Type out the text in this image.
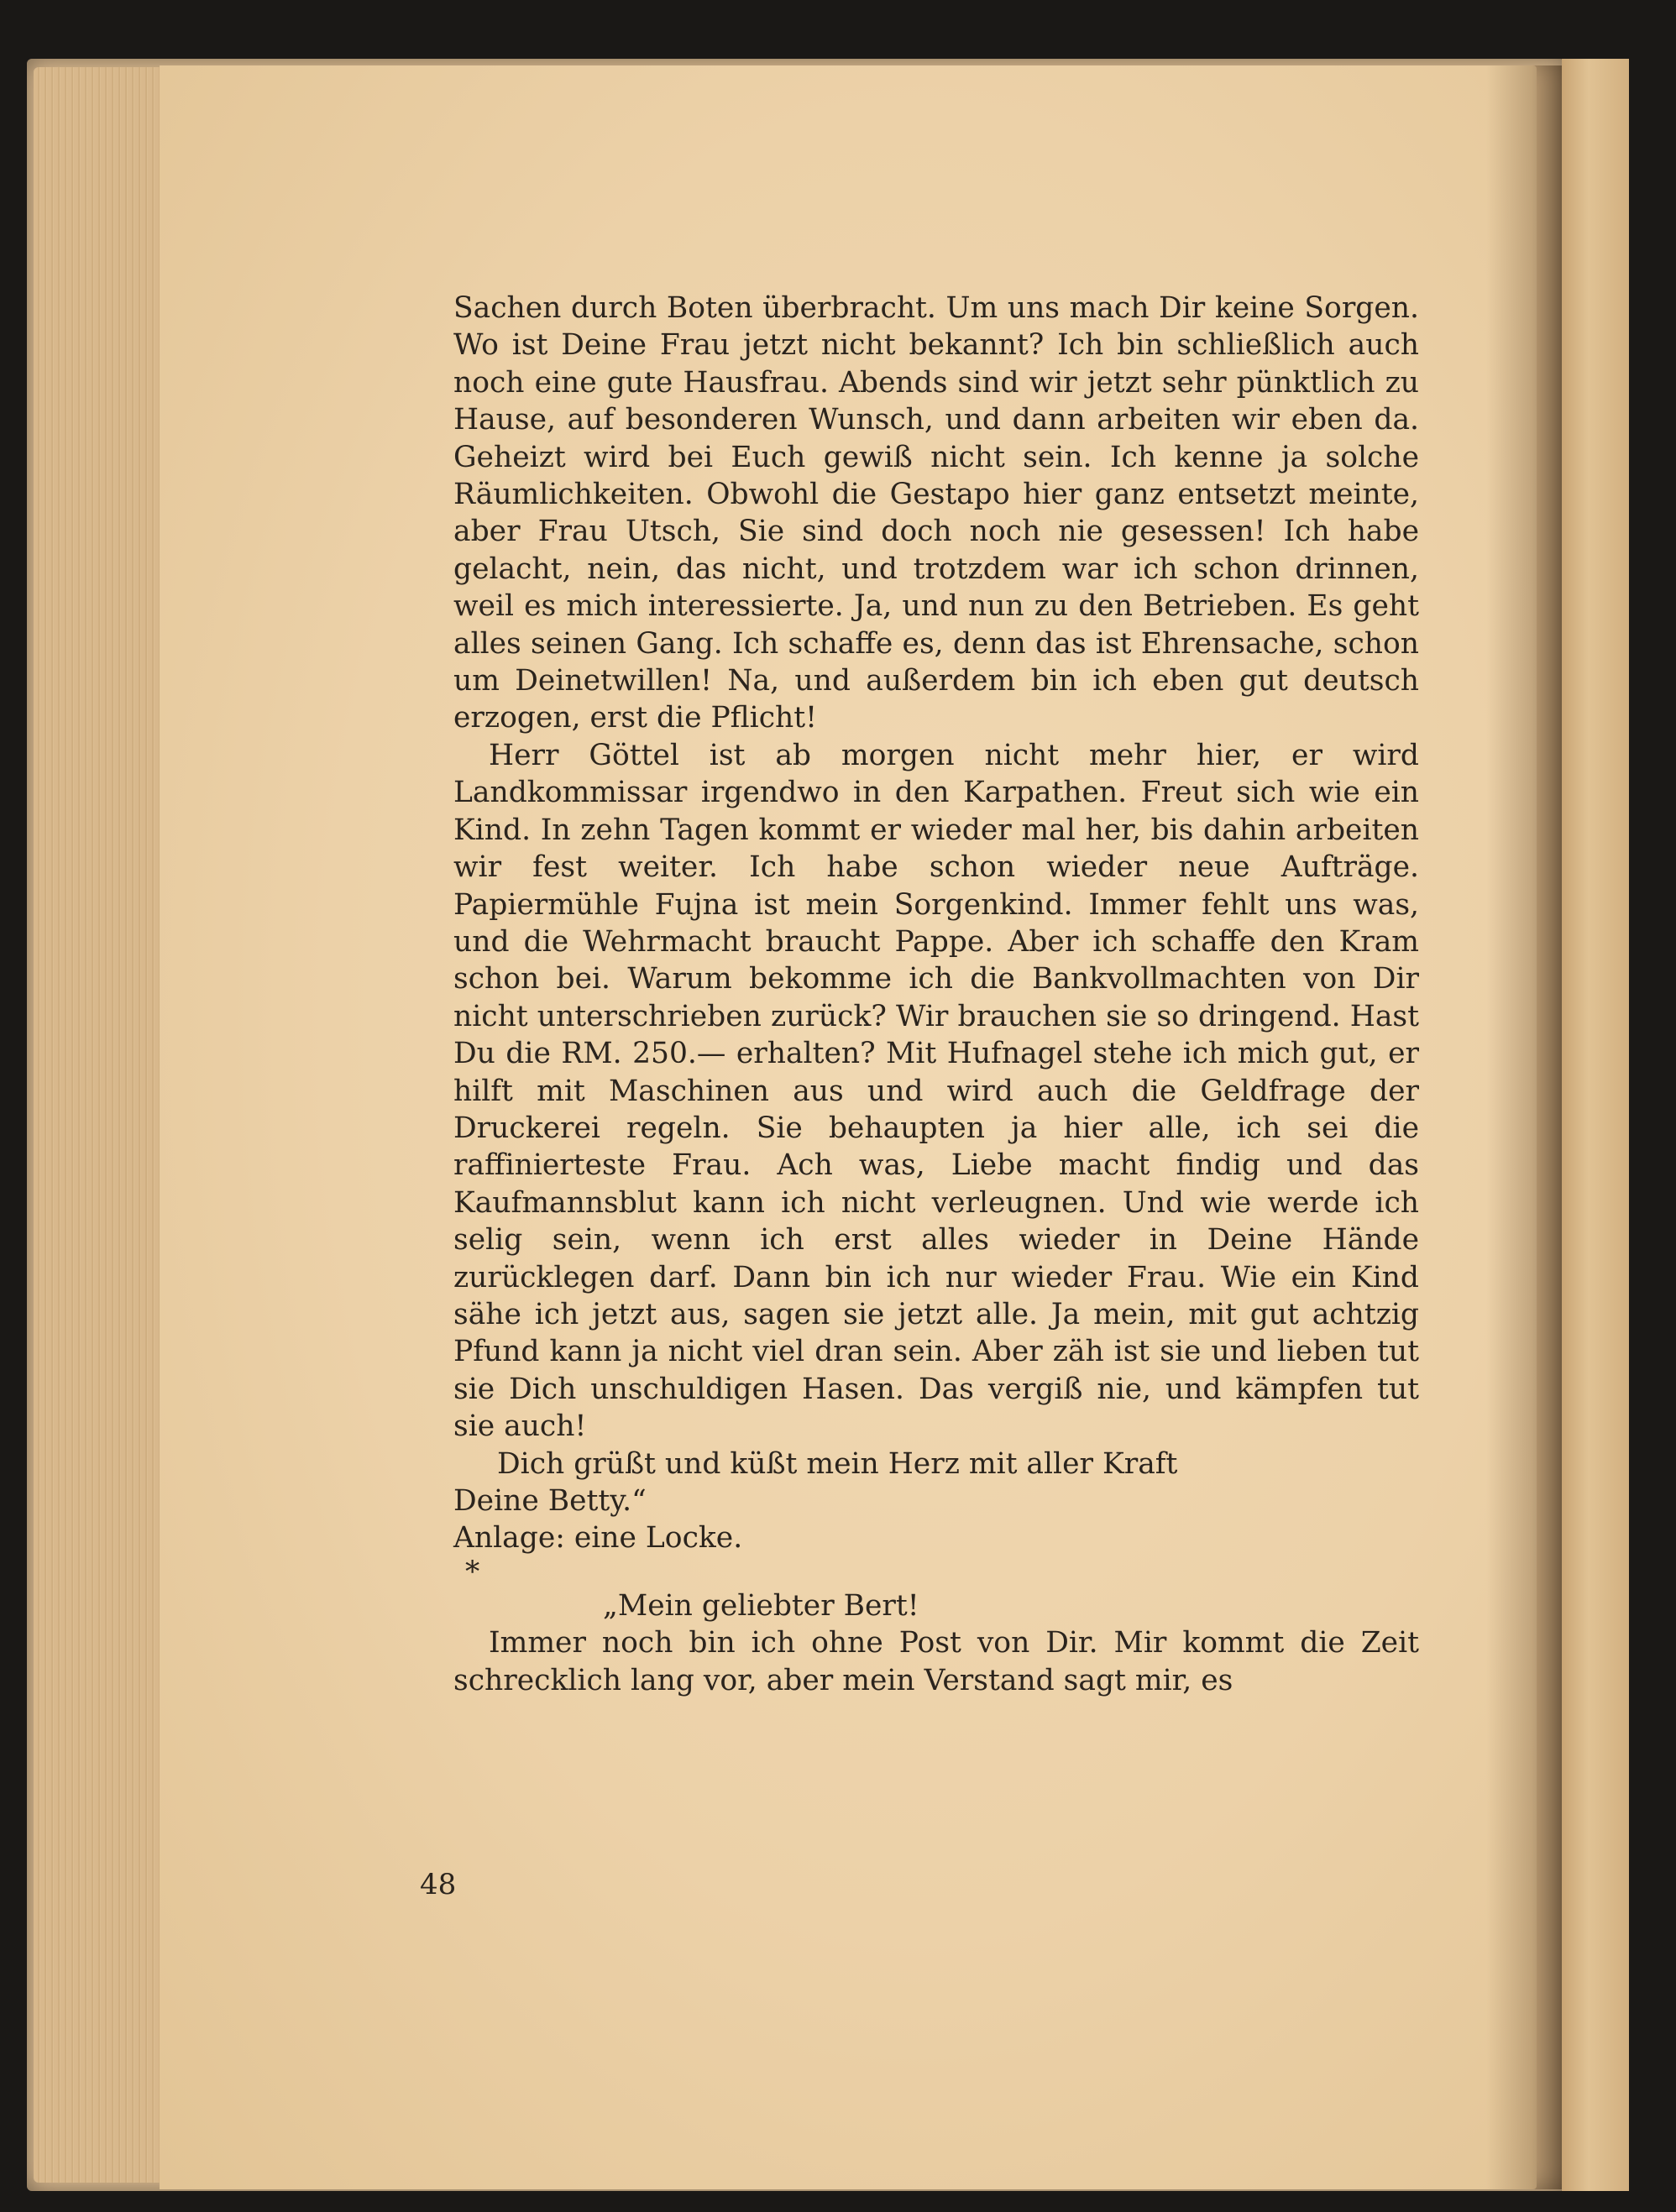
Sachen durch Boten überbracht. Um uns mach Dir keine Sorgen. Wo ist Deine Frau jetzt nicht bekannt? Ich bin schließlich auch noch eine gute Hausfrau. Abends sind wir jetzt sehr pünktlich zu Hause, auf besonderen Wunsch, und dann arbeiten wir eben da. Geheizt wird bei Euch gewiß nicht sein. Ich kenne ja solche Räumlichkeiten. Obwohl die Gestapo hier ganz entsetzt meinte, aber Frau Utsch, Sie sind doch noch nie gesessen! Ich habe gelacht, nein, das nicht, und trotzdem war ich schon drinnen, weil es mich interessierte. Ja, und nun zu den Betrieben. Es geht alles seinen Gang. Ich schaffe es, denn das ist Ehrensache, schon um Deinetwillen! Na, und außerdem bin ich eben gut deutsch erzogen, erst die Pflicht!

Herr Göttel ist ab morgen nicht mehr hier, er wird Landkommissar irgendwo in den Karpathen. Freut sich wie ein Kind. In zehn Tagen kommt er wieder mal her, bis dahin arbeiten wir fest weiter. Ich habe schon wieder neue Aufträge. Papiermühle Fujna ist mein Sorgenkind. Immer fehlt uns was, und die Wehrmacht braucht Pappe. Aber ich schaffe den Kram schon bei. Warum bekomme ich die Bankvollmachten von Dir nicht unterschrieben zurück? Wir brauchen sie so dringend. Hast Du die RM. 250.— erhalten? Mit Hufnagel stehe ich mich gut, er hilft mit Maschinen aus und wird auch die Geldfrage der Druckerei regeln. Sie behaupten ja hier alle, ich sei die raffinierteste Frau. Ach was, Liebe macht findig und das Kaufmannsblut kann ich nicht verleugnen. Und wie werde ich selig sein, wenn ich erst alles wieder in Deine Hände zurücklegen darf. Dann bin ich nur wieder Frau. Wie ein Kind sähe ich jetzt aus, sagen sie jetzt alle. Ja mein, mit gut achtzig Pfund kann ja nicht viel dran sein. Aber zäh ist sie und lieben tut sie Dich unschuldigen Hasen. Das vergiß nie, und kämpfen tut sie auch!

Dich grüßt und küßt mein Herz mit aller Kraft

Deine Betty.“

Anlage: eine Locke.

*

„Mein geliebter Bert!

Immer noch bin ich ohne Post von Dir. Mir kommt die Zeit schrecklich lang vor, aber mein Verstand sagt mir, es

48
